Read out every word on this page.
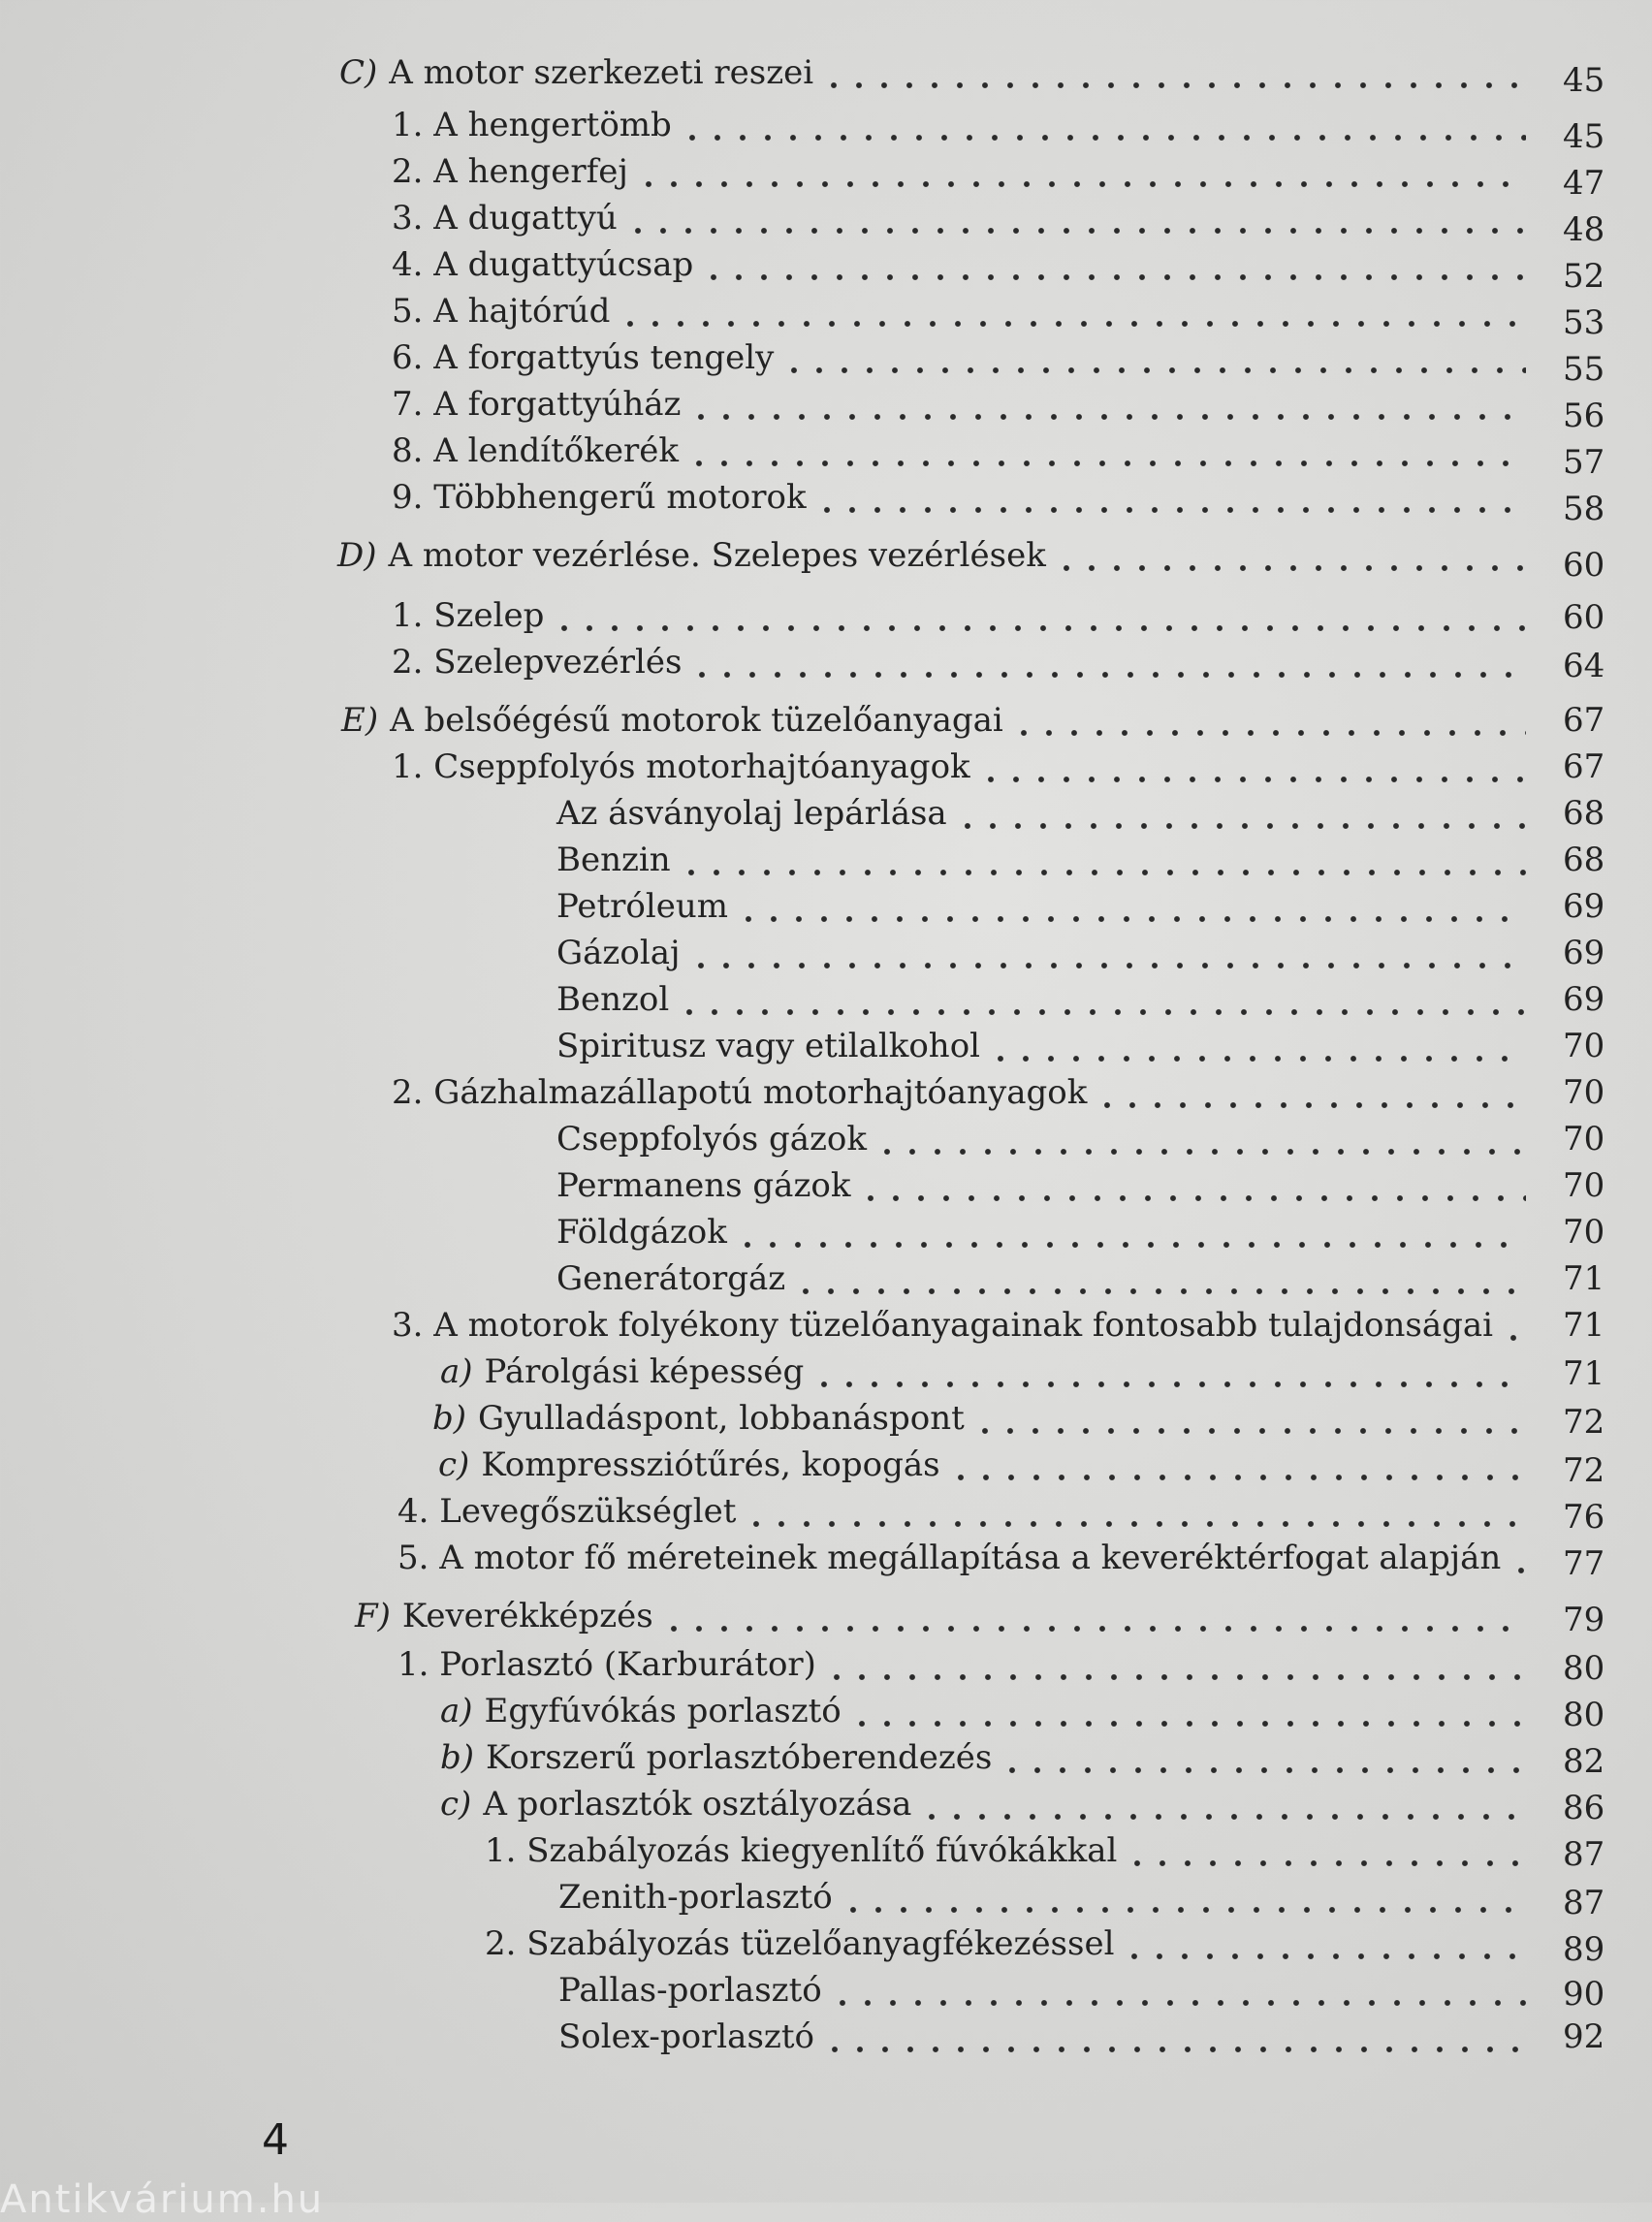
C) A motor szerkezeti reszei	45
1. A hengertömb	45
2. A hengerfej	47
3. A dugattyú	48
4. A dugattyúcsap	52
5. A hajtórúd	53
6. A forgattyús tengely	55
7. A forgattyúház	56
8. A lendítőkerék	57
9. Többhengerű motorok	58
D) A motor vezérlése. Szelepes vezérlések	60
1. Szelep	60
2. Szelepvezérlés	64
E) A belsőégésű motorok tüzelőanyagai	67
1. Cseppfolyós motorhajtóanyagok	67
Az ásványolaj lepárlása	68
Benzin	68
Petróleum	69
Gázolaj	69
Benzol	69
Spiritusz vagy etilalkohol	70
2. Gázhalmazállapotú motorhajtóanyagok	70
Cseppfolyós gázok	70
Permanens gázok	70
Földgázok	70
Generátorgáz	71
3. A motorok folyékony tüzelőanyagainak fontosabb tulajdonságai 71
a) Párolgási képesség	71
b) Gyulladáspont, lobbanáspont	72
c) Kompressziótűrés, kopogás	72
4. Levegőszükséglet	76
5. A motor fő méreteinek megállapítása a keveréktérfogat alapján 77
F) Keverékképzés	79
1. Porlasztó (Karburátor)	80
a) Egyfúvókás porlasztó	80
b) Korszerű porlasztóberendezés	82
c) A porlasztók osztályozása	86
1. Szabályozás kiegyenlítő fúvókákkal	87
Zenith-porlasztó	87
2. Szabályozás tüzelőanyagfékezéssel	89
Pallas-porlasztó	90
Solex-porlasztó	92
4
Antikvárium.hu
